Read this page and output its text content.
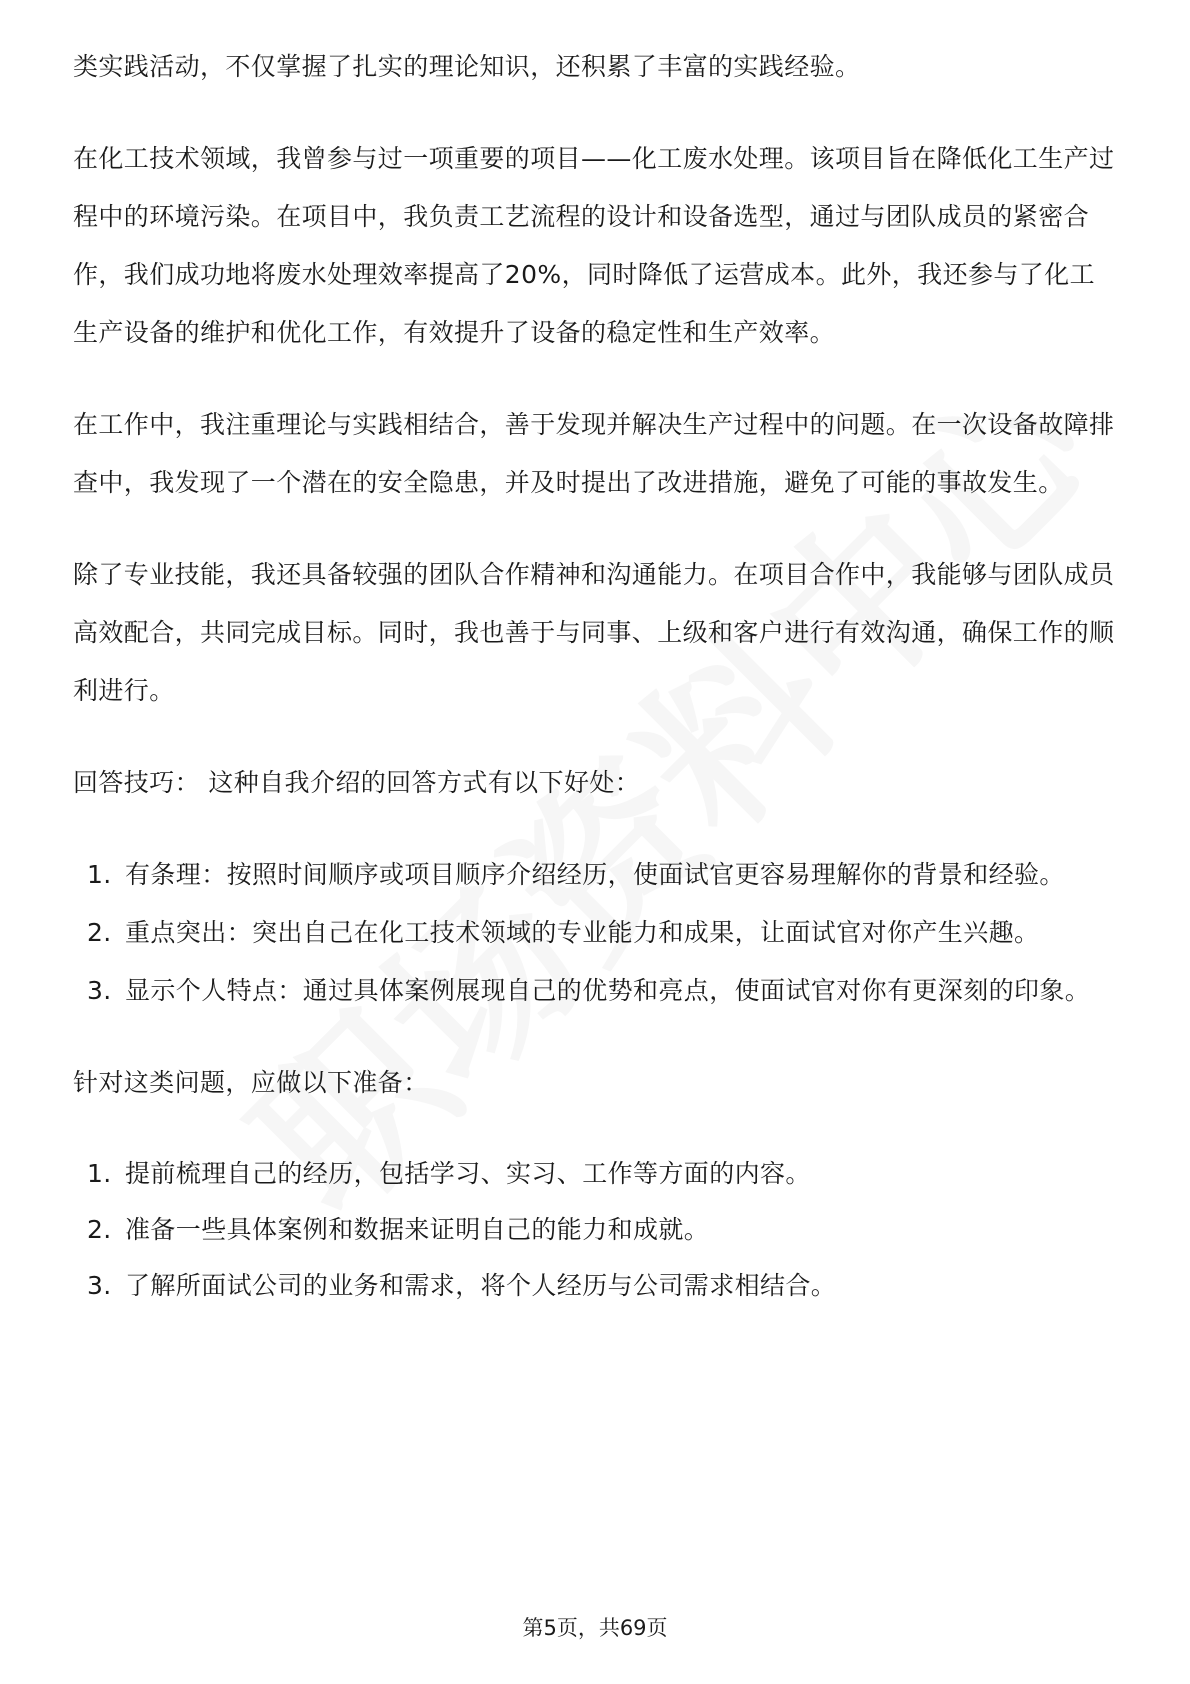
类实践活动，不仅掌握了扎实的理论知识，还积累了丰富的实践经验。

在化工技术领域，我曾参与过一项重要的项目——化工废水处理。该项目旨在降低化工生产过程中的环境污染。在项目中，我负责工艺流程的设计和设备选型，通过与团队成员的紧密合作，我们成功地将废水处理效率提高了20%，同时降低了运营成本。此外，我还参与了化工生产设备的维护和优化工作，有效提升了设备的稳定性和生产效率。

在工作中，我注重理论与实践相结合，善于发现并解决生产过程中的问题。在一次设备故障排查中，我发现了一个潜在的安全隐患，并及时提出了改进措施，避免了可能的事故发生。

除了专业技能，我还具备较强的团队合作精神和沟通能力。在项目合作中，我能够与团队成员高效配合，共同完成目标。同时，我也善于与同事、上级和客户进行有效沟通，确保工作的顺利进行。

回答技巧： 这种自我介绍的回答方式有以下好处：

1. 有条理：按照时间顺序或项目顺序介绍经历，使面试官更容易理解你的背景和经验。
2. 重点突出：突出自己在化工技术领域的专业能力和成果，让面试官对你产生兴趣。
3. 显示个人特点：通过具体案例展现自己的优势和亮点，使面试官对你有更深刻的印象。

针对这类问题，应做以下准备：

1. 提前梳理自己的经历，包括学习、实习、工作等方面的内容。
2. 准备一些具体案例和数据来证明自己的能力和成就。
3. 了解所面试公司的业务和需求，将个人经历与公司需求相结合。
第5页，共69页
